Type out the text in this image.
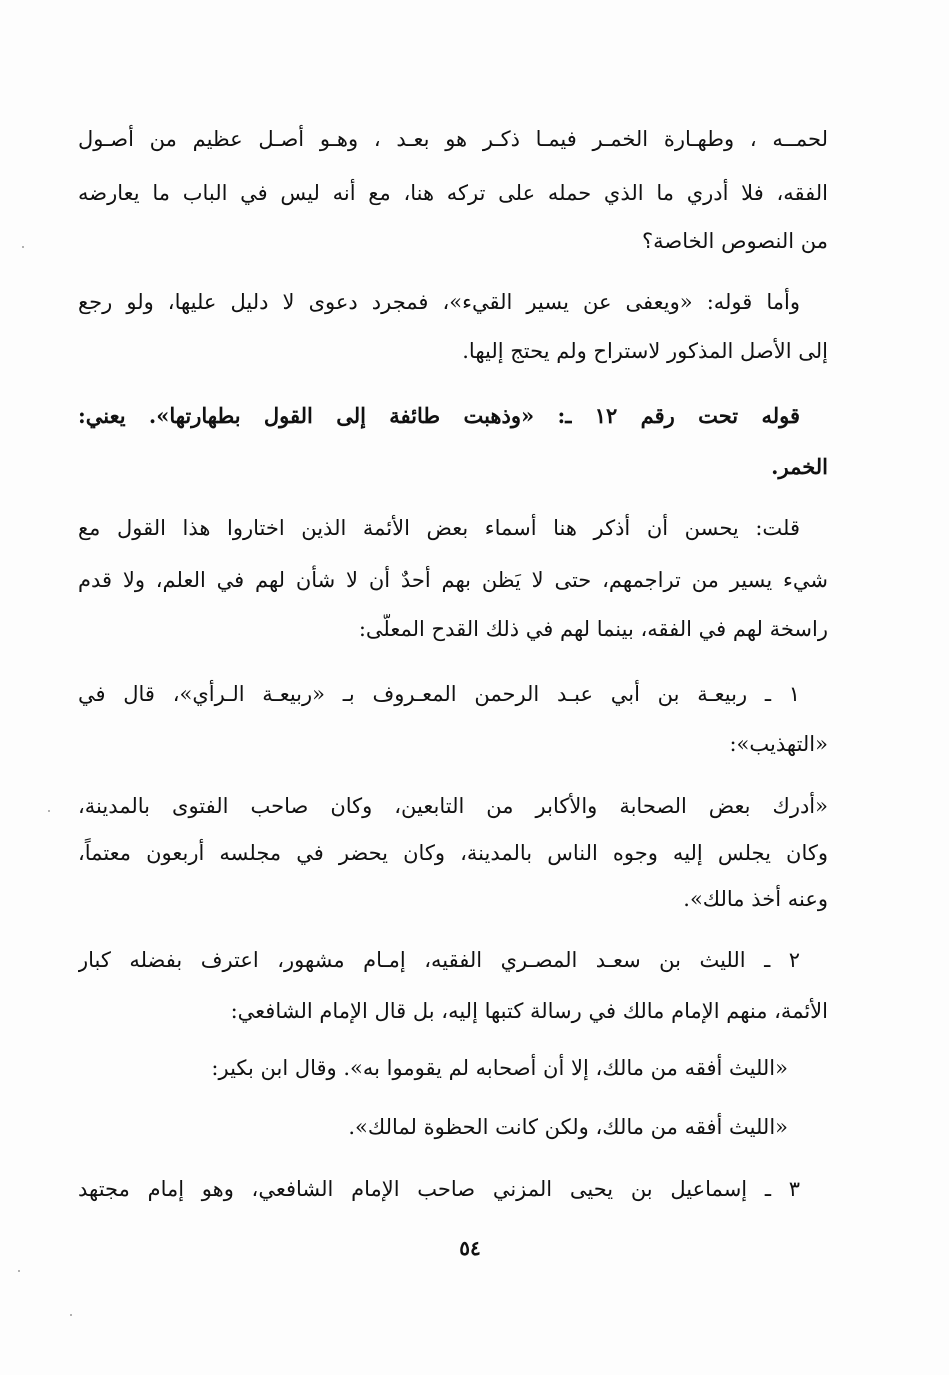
لحمــه ، وطهـارة الخمـر فيمـا ذكـر هو بعـد ، وهـو أصـل عظيم من أصـول
الفقه، فلا أدري ما الذي حمله على تركه هنا، مع أنه ليس في الباب ما يعارضه
من النصوص الخاصة؟
وأما قوله: «ويعفى عن يسير القيء»، فمجرد دعوى لا دليل عليها، ولو رجع
إلى الأصل المذكور لاستراح ولم يحتج إليها.
قوله تحت رقم ١٢ ـ: «وذهبت طائفة إلى القول بطهارتها». يعني:
الخمر.
قلت: يحسن أن أذكر هنا أسماء بعض الأئمة الذين اختاروا هذا القول مع
شيء يسير من تراجمهم، حتى لا يَظن بهم أحدٌ أن لا شأن لهم في العلم، ولا قدم
راسخة لهم في الفقه، بينما لهم في ذلك القدح المعلَّى:
١ ـ ربيعـة بن أبي عبـد الرحمن المعـروف بـ «ربيعـة الـرأي»، قال في
«التهذيب»:
«أدرك بعض الصحابة والأكابر من التابعين، وكان صاحب الفتوى بالمدينة،
وكان يجلس إليه وجوه الناس بالمدينة، وكان يحضر في مجلسه أربعون معتماً،
وعنه أخذ مالك».
٢ ـ الليث بن سعـد المصـري الفقيه، إمـام مشهور، اعترف بفضله كبار
الأئمة، منهم الإمام مالك في رسالة كتبها إليه، بل قال الإمام الشافعي:
«الليث أفقه من مالك، إلا أن أصحابه لم يقوموا به». وقال ابن بكير:
«الليث أفقه من مالك، ولكن كانت الحظوة لمالك».
٣ ـ إسماعيل بن يحيى المزني صاحب الإمام الشافعي، وهو إمام مجتهد
٥٤
